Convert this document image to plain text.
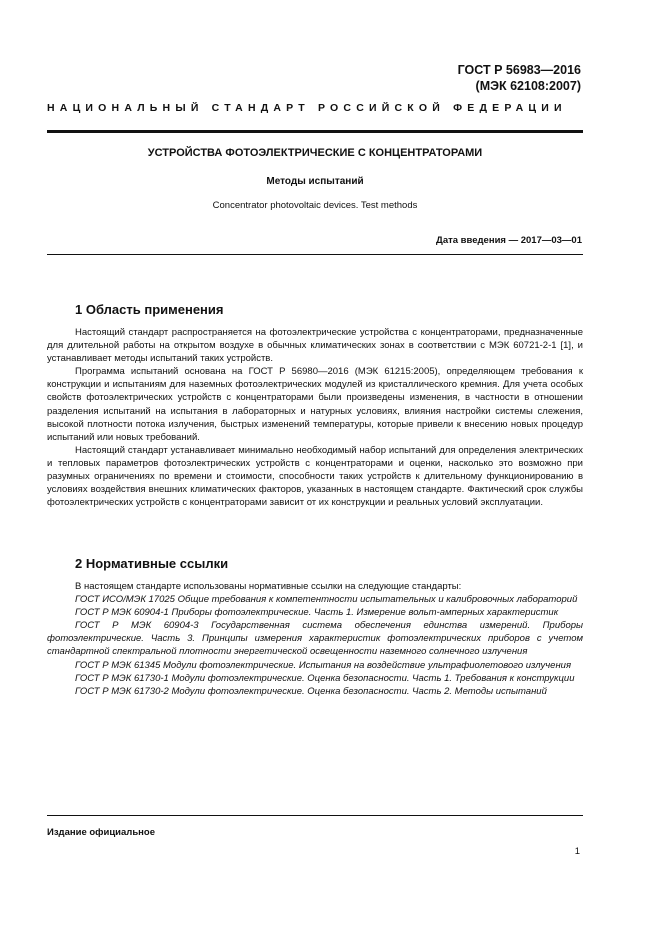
ГОСТ Р 56983—2016
(МЭК 62108:2007)
НАЦИОНАЛЬНЫЙ СТАНДАРТ РОССИЙСКОЙ ФЕДЕРАЦИИ
УСТРОЙСТВА ФОТОЭЛЕКТРИЧЕСКИЕ С КОНЦЕНТРАТОРАМИ
Методы испытаний
Concentrator photovoltaic devices. Test methods
Дата введения — 2017—03—01
1 Область применения

Настоящий стандарт распространяется на фотоэлектрические устройства с концентраторами, предназначенные для длительной работы на открытом воздухе в обычных климатических зонах в соответствии с МЭК 60721-2-1 [1], и устанавливает методы испытаний таких устройств.

Программа испытаний основана на ГОСТ Р 56980—2016 (МЭК 61215:2005), определяющем требования к конструкции и испытаниям для наземных фотоэлектрических модулей из кристаллического кремния. Для учета особых свойств фотоэлектрических устройств с концентраторами были произведены изменения, в частности в отношении разделения испытаний на испытания в лабораторных и натурных условиях, влияния настройки системы слежения, высокой плотности потока излучения, быстрых изменений температуры, которые привели к внесению новых процедур испытаний или новых требований.

Настоящий стандарт устанавливает минимально необходимый набор испытаний для определения электрических и тепловых параметров фотоэлектрических устройств с концентраторами и оценки, насколько это возможно при разумных ограничениях по времени и стоимости, способности таких устройств к длительному функционированию в условиях воздействия внешних климатических факторов, указанных в настоящем стандарте. Фактический срок службы фотоэлектрических устройств с концентраторами зависит от их конструкции и реальных условий эксплуатации.

2 Нормативные ссылки

В настоящем стандарте использованы нормативные ссылки на следующие стандарты:

ГОСТ ИСО/МЭК 17025 Общие требования к компетентности испытательных и калибровочных лабораторий

ГОСТ Р МЭК 60904-1 Приборы фотоэлектрические. Часть 1. Измерение вольт-амперных характеристик

ГОСТ Р МЭК 60904-3 Государственная система обеспечения единства измерений. Приборы фотоэлектрические. Часть 3. Принципы измерения характеристик фотоэлектрических приборов с учетом стандартной спектральной плотности энергетической освещенности наземного солнечного излучения

ГОСТ Р МЭК 61345 Модули фотоэлектрические. Испытания на воздействие ультрафиолетового излучения

ГОСТ Р МЭК 61730-1 Модули фотоэлектрические. Оценка безопасности. Часть 1. Требования к конструкции

ГОСТ Р МЭК 61730-2 Модули фотоэлектрические. Оценка безопасности. Часть 2. Методы испытаний

Издание официальное
1
